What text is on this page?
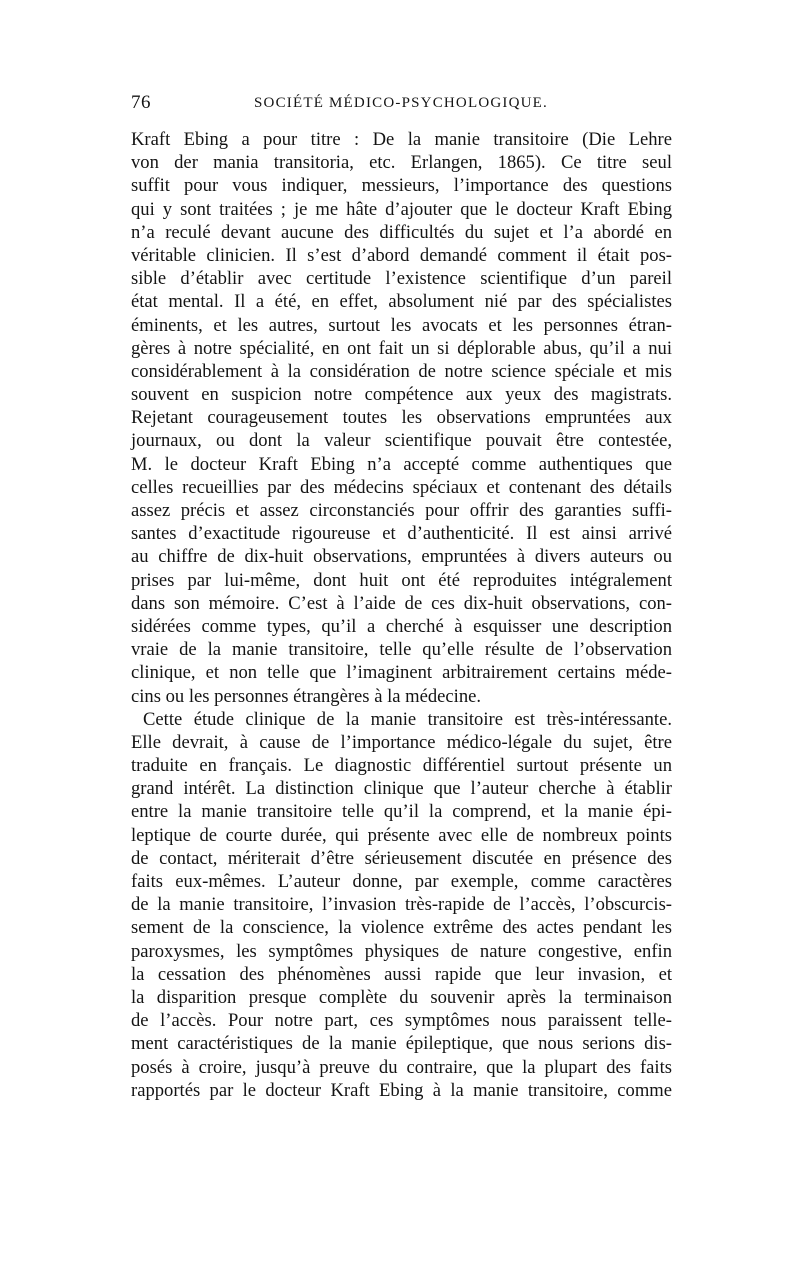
76	SOCIÉTÉ MÉDICO-PSYCHOLOGIQUE.
Kraft Ebing a pour titre : De la manie transitoire (Die Lehre
von der mania transitoria, etc. Erlangen, 1865). Ce titre seul
suffit pour vous indiquer, messieurs, l’importance des questions
qui y sont traitées ; je me hâte d’ajouter que le docteur Kraft Ebing
n’a reculé devant aucune des difficultés du sujet et l’a abordé en
véritable clinicien. Il s’est d’abord demandé comment il était pos-
sible d’établir avec certitude l’existence scientifique d’un pareil
état mental. Il a été, en effet, absolument nié par des spécialistes
éminents, et les autres, surtout les avocats et les personnes étran-
gères à notre spécialité, en ont fait un si déplorable abus, qu’il a nui
considérablement à la considération de notre science spéciale et mis
souvent en suspicion notre compétence aux yeux des magistrats.
Rejetant courageusement toutes les observations empruntées aux
journaux, ou dont la valeur scientifique pouvait être contestée,
M. le docteur Kraft Ebing n’a accepté comme authentiques que
celles recueillies par des médecins spéciaux et contenant des détails
assez précis et assez circonstanciés pour offrir des garanties suffi-
santes d’exactitude rigoureuse et d’authenticité. Il est ainsi arrivé
au chiffre de dix-huit observations, empruntées à divers auteurs ou
prises par lui-même, dont huit ont été reproduites intégralement
dans son mémoire. C’est à l’aide de ces dix-huit observations, con-
sidérées comme types, qu’il a cherché à esquisser une description
vraie de la manie transitoire, telle qu’elle résulte de l’observation
clinique, et non telle que l’imaginent arbitrairement certains méde-
cins ou les personnes étrangères à la médecine.
Cette étude clinique de la manie transitoire est très-intéressante.
Elle devrait, à cause de l’importance médico-légale du sujet, être
traduite en français. Le diagnostic différentiel surtout présente un
grand intérêt. La distinction clinique que l’auteur cherche à établir
entre la manie transitoire telle qu’il la comprend, et la manie épi-
leptique de courte durée, qui présente avec elle de nombreux points
de contact, mériterait d’être sérieusement discutée en présence des
faits eux-mêmes. L’auteur donne, par exemple, comme caractères
de la manie transitoire, l’invasion très-rapide de l’accès, l’obscurcis-
sement de la conscience, la violence extrême des actes pendant les
paroxysmes, les symptômes physiques de nature congestive, enfin
la cessation des phénomènes aussi rapide que leur invasion, et
la disparition presque complète du souvenir après la terminaison
de l’accès. Pour notre part, ces symptômes nous paraissent telle-
ment caractéristiques de la manie épileptique, que nous serions dis-
posés à croire, jusqu’à preuve du contraire, que la plupart des faits
rapportés par le docteur Kraft Ebing à la manie transitoire, comme
